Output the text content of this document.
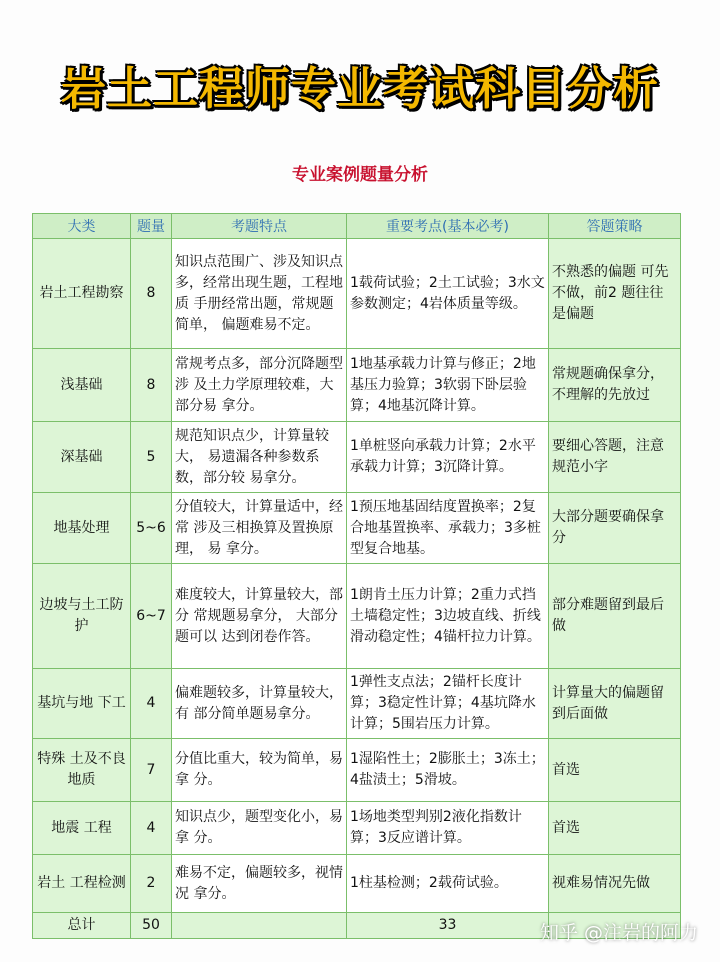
岩土工程师专业考试科目分析
专业案例题量分析
大类	题量	考题特点	重要考点(基本必考)	答题策略
岩土工程勘察	8	知识点范围广、涉及知识点 多，经常出现生题，工程地质 手册经常出题，常规题简单， 偏题难易不定。	1载荷试验；2土工试验；3水文参数测定；4岩体质量等级。	不熟悉的偏题 可先不做，前2 题往往是偏题
浅基础	8	常规考点多，部分沉降题型涉 及土力学原理较难，大部分易 拿分。	1地基承载力计算与修正；2地基压力验算；3软弱下卧层验算；4地基沉降计算。	常规题确保拿分，不理解的先放过
深基础	5	规范知识点少，计算量较大， 易遗漏各种参数系数，部分较 易拿分。	1单桩竖向承载力计算；2水平承载力计算；3沉降计算。	要细心答题，注意规范小字
地基处理	5~6	分值较大，计算量适中，经常 涉及三相换算及置换原理， 易 拿分。	1预压地基固结度置换率；2复合地基置换率、承载力；3多桩型复合地基。	大部分题要确保拿分
边坡与土工防护	6~7	难度较大，计算量较大，部分 常规题易拿分， 大部分题可以 达到闭卷作答。	1朗肯土压力计算；2重力式挡土墙稳定性；3边坡直线、折线滑动稳定性；4锚杆拉力计算。	部分难题留到最后做
基坑与地 下工	4	偏难题较多，计算量较大，有 部分简单题易拿分。	1弹性支点法；2锚杆长度计算；3稳定性计算；4基坑降水计算；5围岩压力计算。	计算量大的偏题留到后面做
特殊 土及不良 地质	7	分值比重大，较为简单，易拿 分。	1湿陷性土；2膨胀土；3冻土；4盐渍土；5滑坡。	首选
地震 工程	4	知识点少，题型变化小，易拿 分。	1场地类型判别2液化指数计算；3反应谱计算。	首选
岩土 工程检测	2	难易不定，偏题较多，视情况 拿分。	1柱基检测；2载荷试验。	视难易情况先做
总计	50		33		知乎 @注岩的阿力
